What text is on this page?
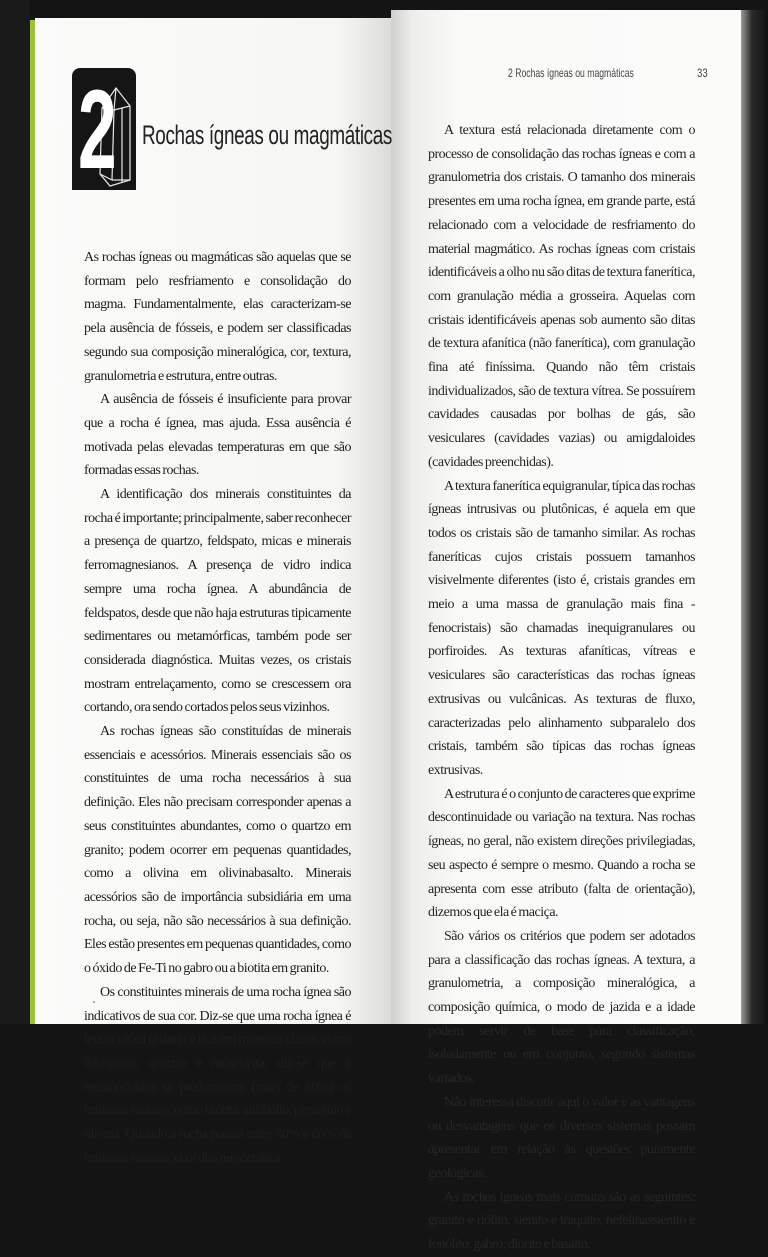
2 Rochas ígneas ou magmáticas
2 Rochas ígneas ou magmáticas	33

As rochas ígneas ou magmáticas são aquelas que se formam pelo resfriamento e consolidação do magma. Fundamentalmente, elas caracterizam-se pela ausência de fósseis, e podem ser classificadas segundo sua composição mineralógica, cor, textura, granulometria e estrutura, entre outras.

A ausência de fósseis é insuficiente para provar que a rocha é ígnea, mas ajuda. Essa ausência é motivada pelas elevadas temperaturas em que são formadas essas rochas.

A identificação dos minerais constituintes da rocha é importante; principalmente, saber reconhecer a presença de quartzo, feldspato, micas e minerais ferromagnesianos. A presença de vidro indica sempre uma rocha ígnea. A abundância de feldspatos, desde que não haja estruturas tipicamente sedimentares ou metamórficas, também pode ser considerada diagnóstica. Muitas vezes, os cristais mostram entrelaçamento, como se crescessem ora cortando, ora sendo cortados pelos seus vizinhos.

As rochas ígneas são constituídas de minerais essenciais e acessórios. Minerais essenciais são os constituintes de uma rocha necessários à sua definição. Eles não precisam corresponder apenas a seus constituintes abundantes, como o quartzo em granito; podem ocorrer em pequenas quantidades, como a olivina em olivinabasalto. Minerais acessórios são de importância subsidiária em uma rocha, ou seja, não são necessários à sua definição. Eles estão presentes em pequenas quantidades, como o óxido de Fe-Ti no gabro ou a biotita em granito.

Os constituintes minerais de uma rocha ígnea são indicativos de sua cor. Diz-se que uma rocha ígnea é leucocrática quando é rica em minerais claros, como feldspatos, quartzo e moscovita; diz-se que é melanocrática se predominam (mais de 60%) os minerais escuros, como biotita, anfibólio, piroxênio e olivina. Quando a rocha possui entre 30% e 60% de minerais escuros, ela é dita mesocrática.

A textura está relacionada diretamente com o processo de consolidação das rochas ígneas e com a granulometria dos cristais. O tamanho dos minerais presentes em uma rocha ígnea, em grande parte, está relacionado com a velocidade de resfriamento do material magmático. As rochas ígneas com cristais identificáveis a olho nu são ditas de textura fanerítica, com granulação média a grosseira. Aquelas com cristais identificáveis apenas sob aumento são ditas de textura afanítica (não fanerítica), com granulação fina até finíssima. Quando não têm cristais individualizados, são de textura vítrea. Se possuírem cavidades causadas por bolhas de gás, são vesiculares (cavidades vazias) ou amigdaloides (cavidades preenchidas).

A textura fanerítica equigranular, típica das rochas ígneas intrusivas ou plutônicas, é aquela em que todos os cristais são de tamanho similar. As rochas faneríticas cujos cristais possuem tamanhos visivelmente diferentes (isto é, cristais grandes em meio a uma massa de granulação mais fina - fenocristais) são chamadas inequigranulares ou porfiroides. As texturas afaníticas, vítreas e vesiculares são características das rochas ígneas extrusivas ou vulcânicas. As texturas de fluxo, caracterizadas pelo alinhamento subparalelo dos cristais, também são típicas das rochas ígneas extrusivas.

A estrutura é o conjunto de caracteres que exprime descontinuidade ou variação na textura. Nas rochas ígneas, no geral, não existem direções privilegiadas, seu aspecto é sempre o mesmo. Quando a rocha se apresenta com esse atributo (falta de orientação), dizemos que ela é maciça.

São vários os critérios que podem ser adotados para a classificação das rochas ígneas. A textura, a granulometria, a composição mineralógica, a composição química, o modo de jazida e a idade podem servir de base para classificação, isoladamente ou em conjunto, segundo sistemas variados.

Não interessa discutir aqui o valor e as vantagens ou desvantagens que os diversos sistemas possam apresentar em relação às questões puramente geológicas.

As rochas ígneas mais comuns são as seguintes: granito e riólito, sienito e traquito, nefelinassienito e fonólito, gabro, diorito e basalto.
